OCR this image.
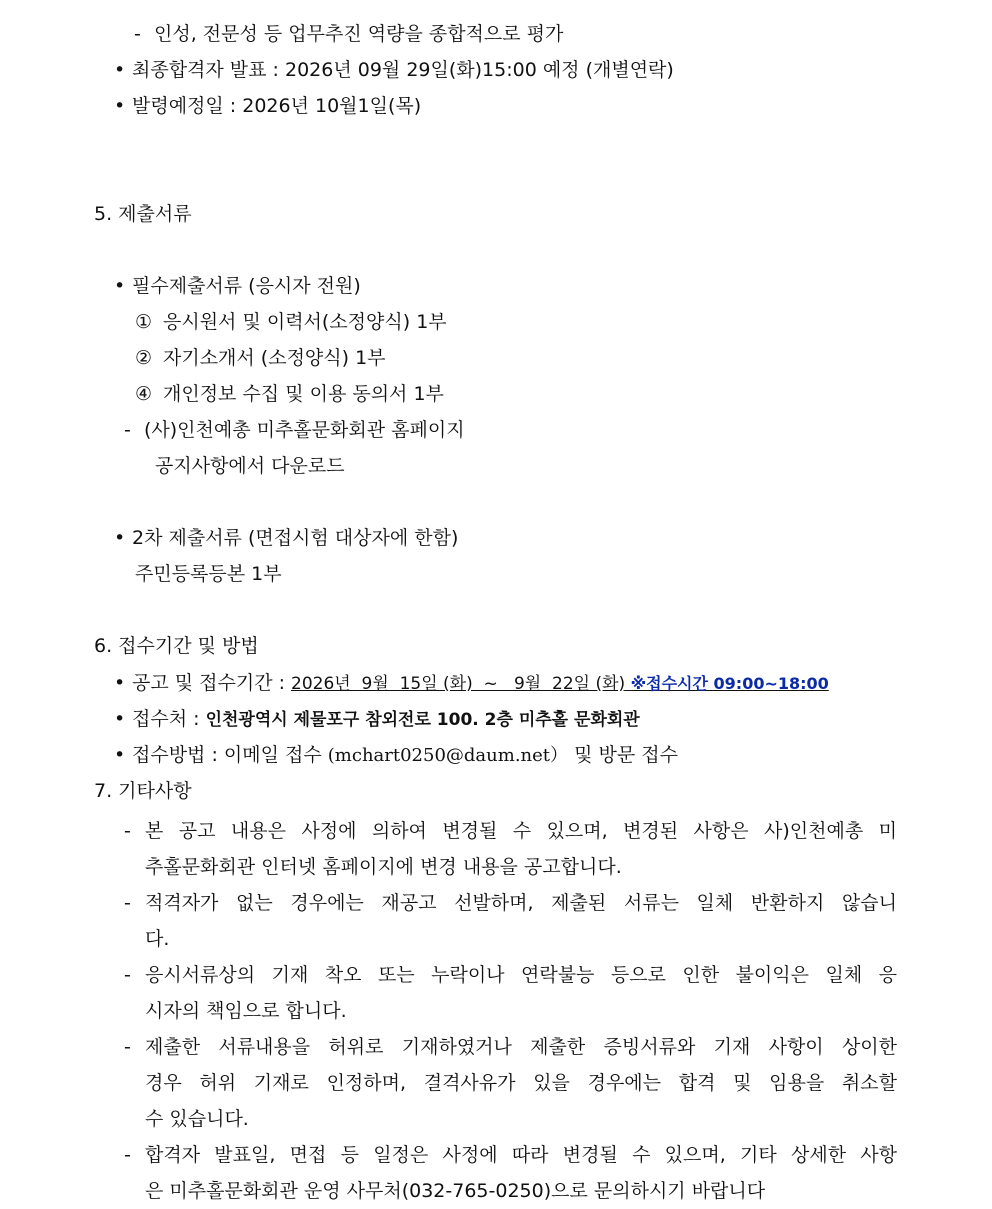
- 인성, 전문성 등 업무추진 역량을 종합적으로 평가
• 최종합격자 발표 : 2026년 09월 29일(화)15:00 예정 (개별연락)
• 발령예정일 : 2026년 10월1일(목)
5. 제출서류
• 필수제출서류 (응시자 전원)
① 응시원서 및 이력서(소정양식) 1부
② 자기소개서 (소정양식) 1부
④ 개인정보 수집 및 이용 동의서 1부
- (사)인천예총 미추홀문화회관 홈페이지
공지사항에서 다운로드
• 2차 제출서류 (면접시험 대상자에 한함)
주민등록등본 1부
6. 접수기간 및 방법
• 공고 및 접수기간 : 2026년  9월  15일 (화)  ~   9월  22일 (화) ※접수시간 09:00~18:00
• 접수처 : 인천광역시 제물포구 참외전로 100. 2층 미추홀 문화회관
• 접수방법 : 이메일 접수 (mchart0250@daum.net） 및 방문 접수
7. 기타사항
- 본 공고 내용은 사정에 의하여 변경될 수 있으며, 변경된 사항은 사)인천예총 미
추홀문화회관 인터넷 홈페이지에 변경 내용을 공고합니다.
- 적격자가 없는 경우에는 재공고 선발하며, 제출된 서류는 일체 반환하지 않습니
다.
- 응시서류상의 기재 착오 또는 누락이나 연락불능 등으로 인한 불이익은 일체 응
시자의 책임으로 합니다.
- 제출한 서류내용을 허위로 기재하였거나 제출한 증빙서류와 기재 사항이 상이한
경우 허위 기재로 인정하며, 결격사유가 있을 경우에는 합격 및 임용을 취소할
수 있습니다.
- 합격자 발표일, 면접 등 일정은 사정에 따라 변경될 수 있으며, 기타 상세한 사항
은 미추홀문화회관 운영 사무처(032-765-0250)으로 문의하시기 바랍니다
